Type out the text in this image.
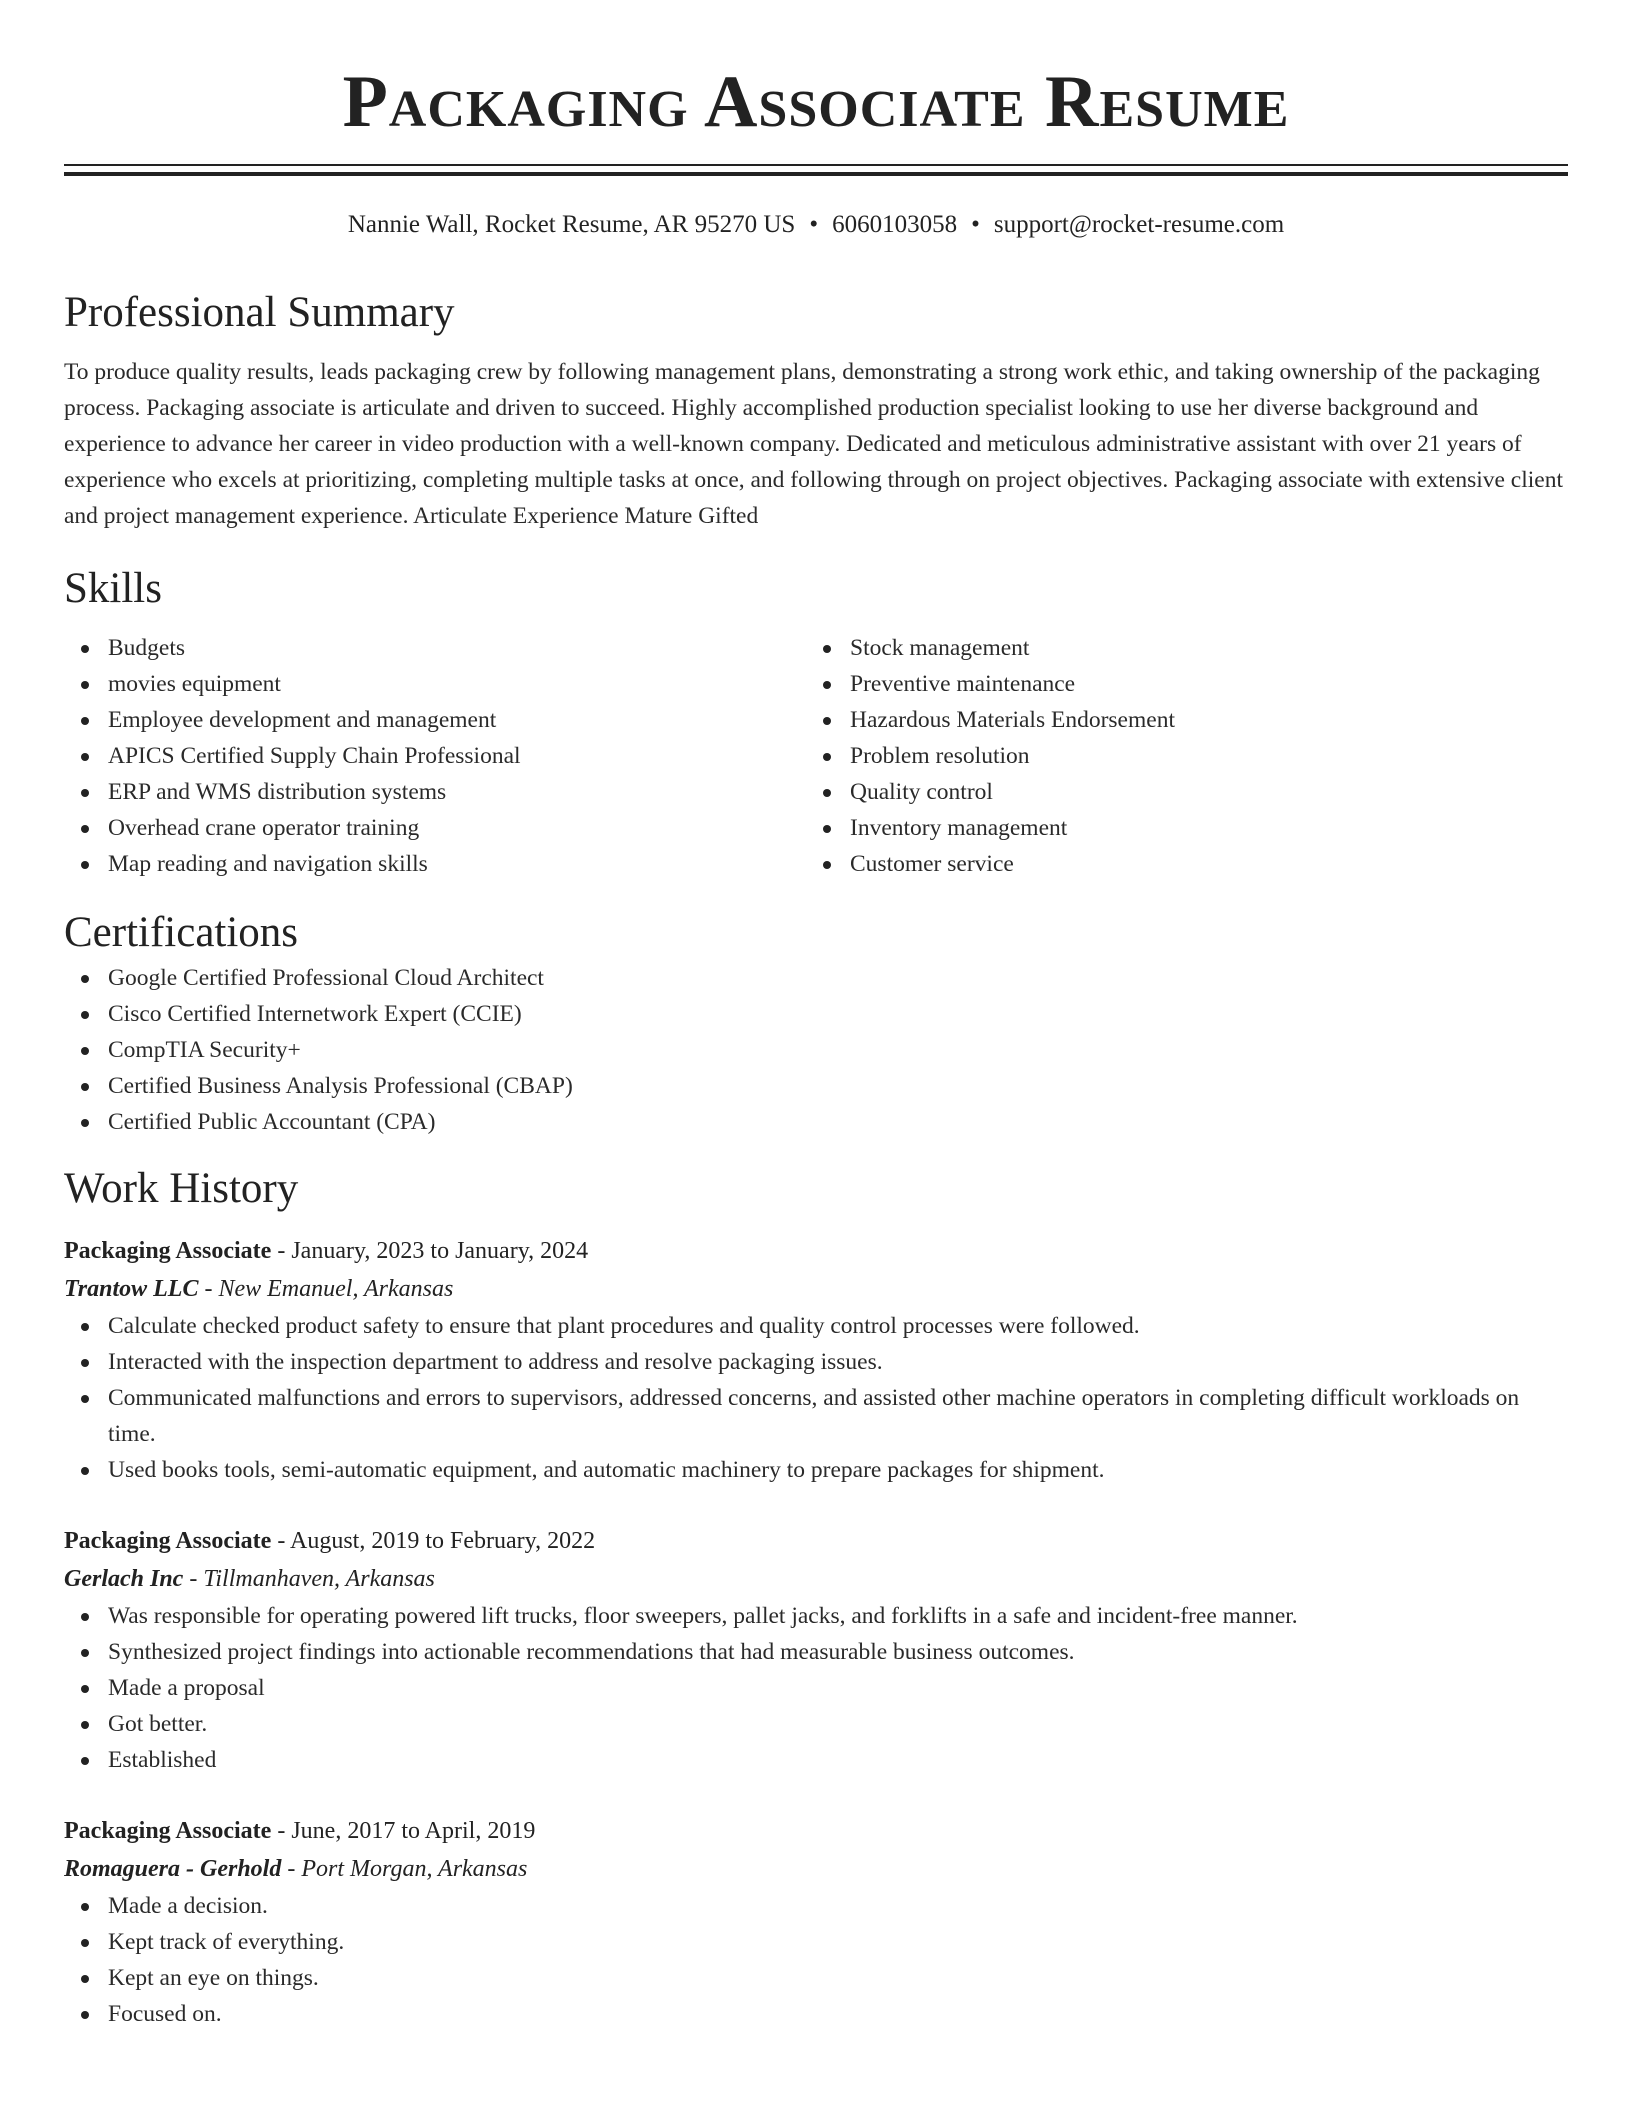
Packaging Associate Resume
Nannie Wall, Rocket Resume, AR 95270 US • 6060103058 • support@rocket-resume.com
Professional Summary
To produce quality results, leads packaging crew by following management plans, demonstrating a strong work ethic, and taking ownership of the packaging process. Packaging associate is articulate and driven to succeed. Highly accomplished production specialist looking to use her diverse background and experience to advance her career in video production with a well-known company. Dedicated and meticulous administrative assistant with over 21 years of experience who excels at prioritizing, completing multiple tasks at once, and following through on project objectives. Packaging associate with extensive client and project management experience. Articulate Experience Mature Gifted
Skills
Budgets
movies equipment
Employee development and management
APICS Certified Supply Chain Professional
ERP and WMS distribution systems
Overhead crane operator training
Map reading and navigation skills
Stock management
Preventive maintenance
Hazardous Materials Endorsement
Problem resolution
Quality control
Inventory management
Customer service
Certifications
Google Certified Professional Cloud Architect
Cisco Certified Internetwork Expert (CCIE)
CompTIA Security+
Certified Business Analysis Professional (CBAP)
Certified Public Accountant (CPA)
Work History
Packaging Associate - January, 2023 to January, 2024
Trantow LLC - New Emanuel, Arkansas
Calculate checked product safety to ensure that plant procedures and quality control processes were followed.
Interacted with the inspection department to address and resolve packaging issues.
Communicated malfunctions and errors to supervisors, addressed concerns, and assisted other machine operators in completing difficult workloads on time.
Used books tools, semi-automatic equipment, and automatic machinery to prepare packages for shipment.
Packaging Associate - August, 2019 to February, 2022
Gerlach Inc - Tillmanhaven, Arkansas
Was responsible for operating powered lift trucks, floor sweepers, pallet jacks, and forklifts in a safe and incident-free manner.
Synthesized project findings into actionable recommendations that had measurable business outcomes.
Made a proposal
Got better.
Established
Packaging Associate - June, 2017 to April, 2019
Romaguera - Gerhold - Port Morgan, Arkansas
Made a decision.
Kept track of everything.
Kept an eye on things.
Focused on.
